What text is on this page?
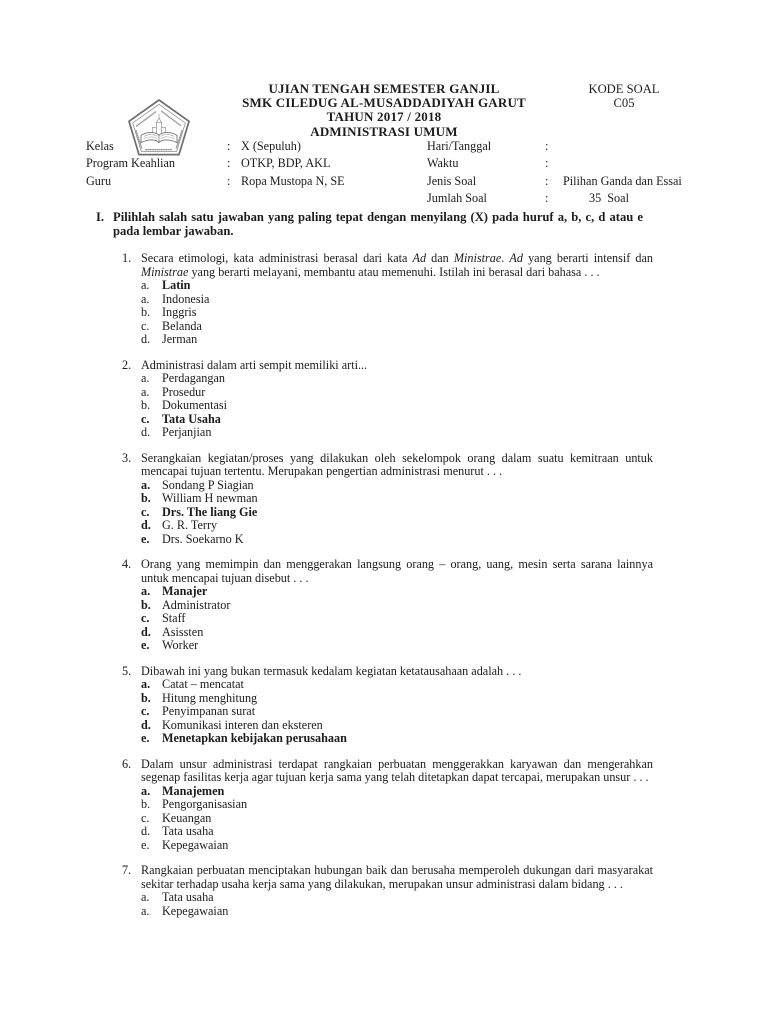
UJIAN TENGAH SEMESTER GANJIL
SMK CILEDUG AL-MUSADDADIYAH GARUT
TAHUN 2017 / 2018
ADMINISTRASI UMUM
KODE SOAL
C05
Kelas	:	X (Sepuluh)
Program Keahlian	:	OTKP, BDP, AKL
Guru	:	Ropa Mustopa N, SE
Hari/Tanggal	:	
Waktu	:	
Jenis Soal	:	Pilihan Ganda dan Essai
Jumlah Soal	:	35  Soal
I. Pilihlah salah satu jawaban yang paling tepat dengan menyilang (X) pada huruf a, b, c, d atau e pada lembar jawaban.
1. Secara etimologi, kata administrasi berasal dari kata Ad dan Ministrae. Ad yang berarti intensif dan Ministrae yang berarti melayani, membantu atau memenuhi. Istilah ini berasal dari bahasa . . .
a.	Latin
a.	Indonesia
b. Inggris
c.	Belanda
d. Jerman
2. Administrasi dalam arti sempit memiliki arti...
a.	Perdagangan
a.	Prosedur
b. Dokumentasi
c.	Tata Usaha
d. Perjanjian
3. Serangkaian kegiatan/proses yang dilakukan oleh sekelompok orang dalam suatu kemitraan untuk mencapai tujuan tertentu. Merupakan pengertian administrasi menurut . . .
a. Sondang P Siagian
b. William H newman
c.	Drs. The liang Gie
d. G. R. Terry
e.	Drs. Soekarno K
4. Orang yang memimpin dan menggerakan langsung orang – orang, uang, mesin serta sarana lainnya untuk mencapai tujuan disebut . . .
a. Manajer
b. Administrator
c.	Staff
d. Asissten
e.	Worker
5. Dibawah ini yang bukan termasuk kedalam kegiatan ketatausahaan adalah . . .
a. Catat – mencatat
b. Hitung menghitung
c.	Penyimpanan surat
d. Komunikasi interen dan eksteren
e.	Menetapkan kebijakan perusahaan
6. Dalam unsur administrasi terdapat rangkaian perbuatan menggerakkan karyawan dan mengerahkan segenap fasilitas kerja agar tujuan kerja sama yang telah ditetapkan dapat tercapai, merupakan unsur . . .
a. Manajemen
b. Pengorganisasian
c.	Keuangan
d. Tata usaha
e.	Kepegawaian
7. Rangkaian perbuatan menciptakan hubungan baik dan berusaha memperoleh dukungan dari masyarakat sekitar terhadap usaha kerja sama yang dilakukan, merupakan unsur administrasi dalam bidang . . .
a.	Tata usaha
a.	Kepegawaian
